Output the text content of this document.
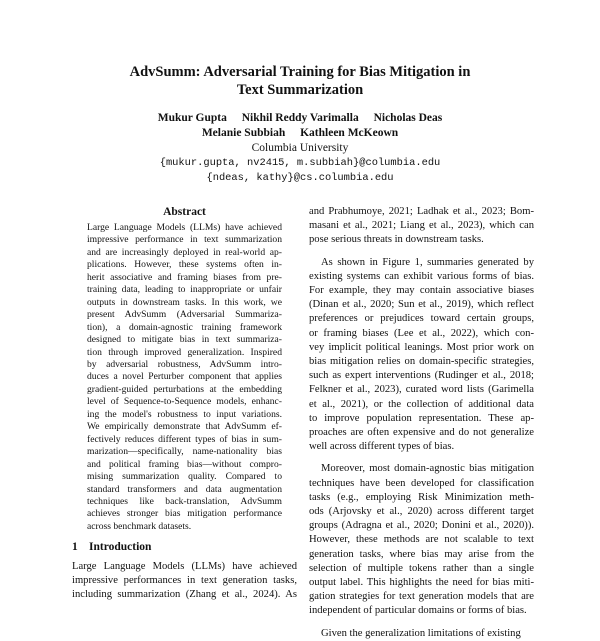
AdvSumm: Adversarial Training for Bias Mitigation in
Text Summarization
Mukur Gupta Nikhil Reddy Varimalla Nicholas Deas
Melanie Subbiah Kathleen McKeown
Columbia University
{mukur.gupta, nv2415, m.subbiah}@columbia.edu
{ndeas, kathy}@cs.columbia.edu
Abstract
Large Language Models (LLMs) have achieved
impressive performance in text summarization
and are increasingly deployed in real-world ap-
plications. However, these systems often in-
herit associative and framing biases from pre-
training data, leading to inappropriate or unfair
outputs in downstream tasks. In this work, we
present AdvSumm (Adversarial Summariza-
tion), a domain-agnostic training framework
designed to mitigate bias in text summariza-
tion through improved generalization. Inspired
by adversarial robustness, AdvSumm intro-
duces a novel Perturber component that applies
gradient-guided perturbations at the embedding
level of Sequence-to-Sequence models, enhanc-
ing the model's robustness to input variations.
We empirically demonstrate that AdvSumm ef-
fectively reduces different types of bias in sum-
marization—specifically, name-nationality bias
and political framing bias—without compro-
mising summarization quality. Compared to
standard transformers and data augmentation
techniques like back-translation, AdvSumm
achieves stronger bias mitigation performance
across benchmark datasets.
1 Introduction
Large Language Models (LLMs) have achieved
impressive performances in text generation tasks,
including summarization (Zhang et al., 2024). As
and Prabhumoye, 2021; Ladhak et al., 2023; Bom-
masani et al., 2021; Liang et al., 2023), which can
pose serious threats in downstream tasks.
As shown in Figure 1, summaries generated by
existing systems can exhibit various forms of bias.
For example, they may contain associative biases
(Dinan et al., 2020; Sun et al., 2019), which reflect
preferences or prejudices toward certain groups,
or framing biases (Lee et al., 2022), which con-
vey implicit political leanings. Most prior work on
bias mitigation relies on domain-specific strategies,
such as expert interventions (Rudinger et al., 2018;
Felkner et al., 2023), curated word lists (Garimella
et al., 2021), or the collection of additional data
to improve population representation. These ap-
proaches are often expensive and do not generalize
well across different types of bias.
Moreover, most domain-agnostic bias mitigation
techniques have been developed for classification
tasks (e.g., employing Risk Minimization meth-
ods (Arjovsky et al., 2020) across different target
groups (Adragna et al., 2020; Donini et al., 2020)).
However, these methods are not scalable to text
generation tasks, where bias may arise from the
selection of multiple tokens rather than a single
output label. This highlights the need for bias miti-
gation strategies for text generation models that are
independent of particular domains or forms of bias.
Given the generalization limitations of existing
